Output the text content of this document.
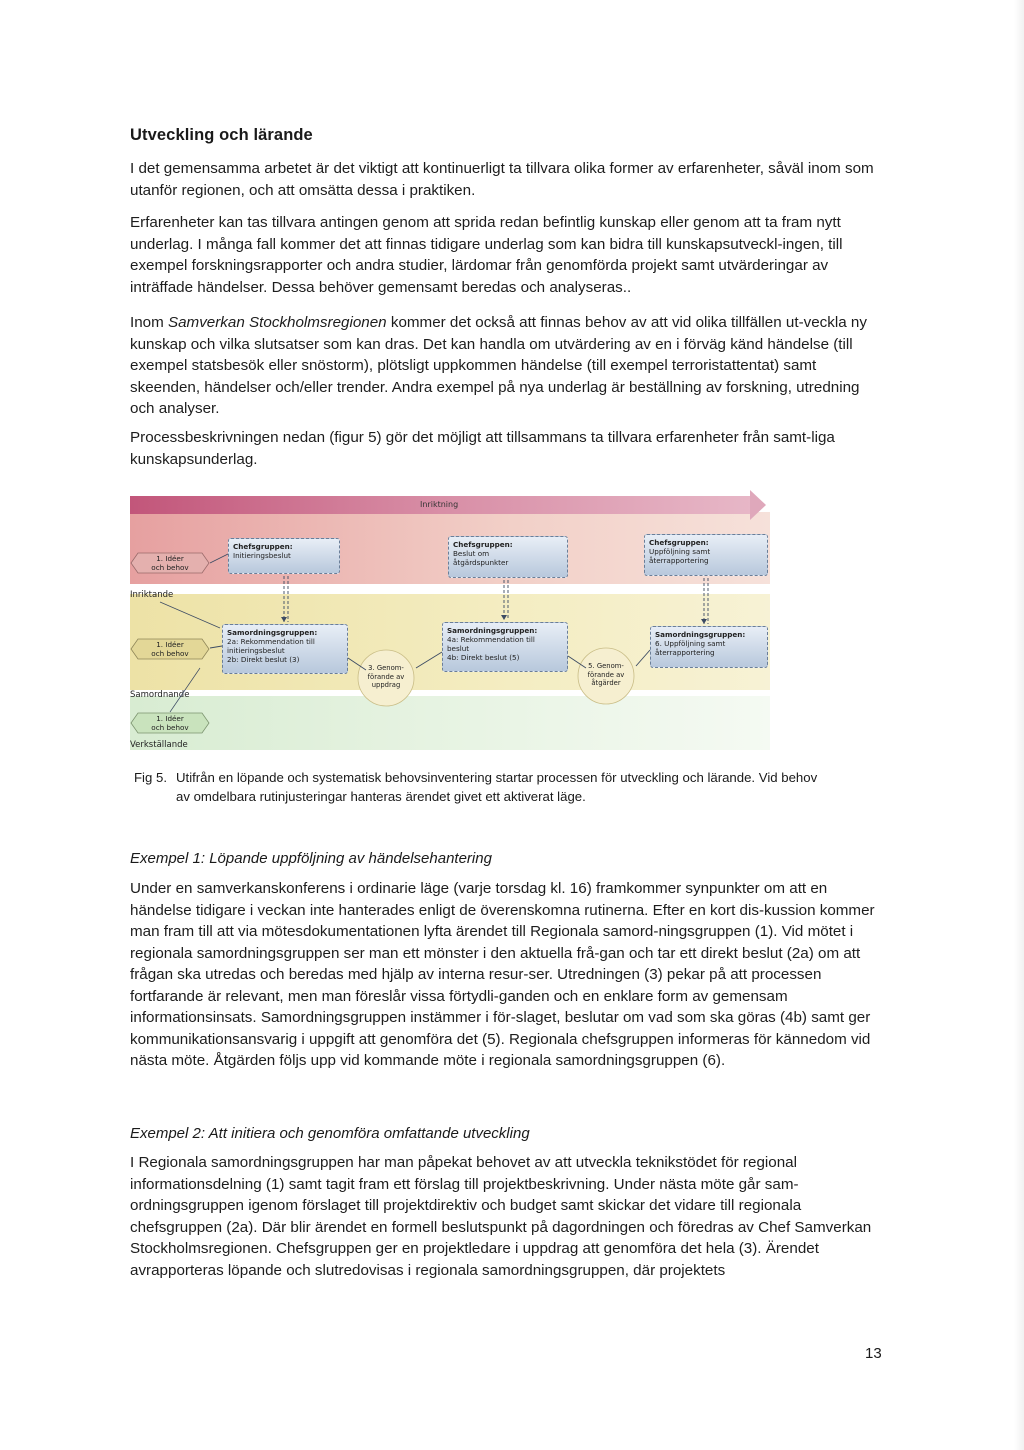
Utveckling och lärande

I det gemensamma arbetet är det viktigt att kontinuerligt ta tillvara olika former av erfarenheter, såväl inom som utanför regionen, och att omsätta dessa i praktiken.

Erfarenheter kan tas tillvara antingen genom att sprida redan befintlig kunskap eller genom att ta fram nytt underlag. I många fall kommer det att finnas tidigare underlag som kan bidra till kunskapsutveckl-ingen, till exempel forskningsrapporter och andra studier, lärdomar från genomförda projekt samt utvärderingar av inträffade händelser. Dessa behöver gemensamt beredas och analyseras..

Inom Samverkan Stockholmsregionen kommer det också att finnas behov av att vid olika tillfällen ut-veckla ny kunskap och vilka slutsatser som kan dras. Det kan handla om utvärdering av en i förväg känd händelse (till exempel statsbesök eller snöstorm), plötsligt uppkommen händelse (till exempel terroristattentat) samt skeenden, händelser och/eller trender. Andra exempel på nya underlag är beställning av forskning, utredning och analyser.

Processbeskrivningen nedan (figur 5) gör det möjligt att tillsammans ta tillvara erfarenheter från samt-liga kunskapsunderlag.

Inriktning
Inriktande
Samordnande
Verkställande
1. Idéer
och behov
1. Idéer
och behov
1. Idéer
och behov
Chefsgruppen:
Initieringsbeslut
Chefsgruppen:
Beslut om
åtgärdspunkter
Chefsgruppen:
Uppföljning samt
återrapportering
Samordningsgruppen:
2a: Rekommendation till
initieringsbeslut
2b: Direkt beslut (3)
Samordningsgruppen:
4a: Rekommendation till
beslut
4b: Direkt beslut (5)
Samordningsgruppen:
6. Uppföljning samt
återrapportering
3. Genom-
förande av
uppdrag
5. Genom-
förande av
åtgärder
Fig 5. Utifrån en löpande och systematisk behovsinventering startar processen för utveckling och lärande. Vid behov av omdelbara rutinjusteringar hanteras ärendet givet ett aktiverat läge.
Exempel 1: Löpande uppföljning av händelsehantering

Under en samverkanskonferens i ordinarie läge (varje torsdag kl. 16) framkommer synpunkter om att en händelse tidigare i veckan inte hanterades enligt de överenskomna rutinerna. Efter en kort dis-kussion kommer man fram till att via mötesdokumentationen lyfta ärendet till Regionala samord-ningsgruppen (1). Vid mötet i regionala samordningsgruppen ser man ett mönster i den aktuella frå-gan och tar ett direkt beslut (2a) om att frågan ska utredas och beredas med hjälp av interna resur-ser. Utredningen (3) pekar på att processen fortfarande är relevant, men man föreslår vissa förtydli-ganden och en enklare form av gemensam informationsinsats. Samordningsgruppen instämmer i för-slaget, beslutar om vad som ska göras (4b) samt ger kommunikationsansvarig i uppgift att genomföra det (5). Regionala chefsgruppen informeras för kännedom vid nästa möte. Åtgärden följs upp vid kommande möte i regionala samordningsgruppen (6).

Exempel 2: Att initiera och genomföra omfattande utveckling

I Regionala samordningsgruppen har man påpekat behovet av att utveckla teknikstödet för regional informationsdelning (1) samt tagit fram ett förslag till projektbeskrivning. Under nästa möte går sam-ordningsgruppen igenom förslaget till projektdirektiv och budget samt skickar det vidare till regionala chefsgruppen (2a). Där blir ärendet en formell beslutspunkt på dagordningen och föredras av Chef Samverkan Stockholmsregionen. Chefsgruppen ger en projektledare i uppdrag att genomföra det hela (3). Ärendet avrapporteras löpande och slutredovisas i regionala samordningsgruppen, där projektets

13
